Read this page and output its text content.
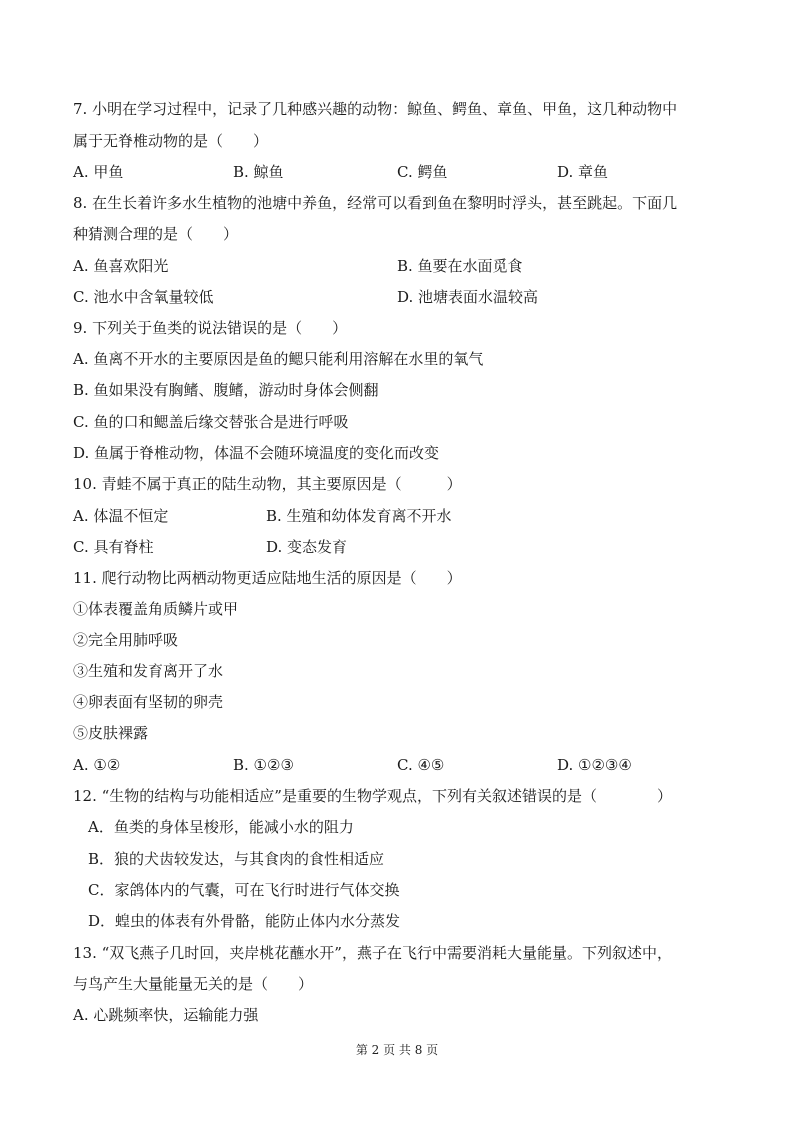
7. 小明在学习过程中，记录了几种感兴趣的动物：鲸鱼、鳄鱼、章鱼、甲鱼，这几种动物中
属于无脊椎动物的是（　　）
A. 甲鱼	B. 鲸鱼	C. 鳄鱼	D. 章鱼
8. 在生长着许多水生植物的池塘中养鱼，经常可以看到鱼在黎明时浮头，甚至跳起。下面几
种猜测合理的是（　　）
A. 鱼喜欢阳光	B. 鱼要在水面觅食
C. 池水中含氧量较低	D. 池塘表面水温较高
9. 下列关于鱼类的说法错误的是（　　）
A. 鱼离不开水的主要原因是鱼的鳃只能利用溶解在水里的氧气
B. 鱼如果没有胸鳍、腹鳍，游动时身体会侧翻
C. 鱼的口和鳃盖后缘交替张合是进行呼吸
D. 鱼属于脊椎动物，体温不会随环境温度的变化而改变
10. 青蛙不属于真正的陆生动物，其主要原因是（　　　）
A. 体温不恒定	B. 生殖和幼体发育离不开水
C. 具有脊柱	D. 变态发育
11. 爬行动物比两栖动物更适应陆地生活的原因是（　　）
①体表覆盖角质鳞片或甲
②完全用肺呼吸
③生殖和发育离开了水
④卵表面有坚韧的卵壳
⑤皮肤裸露
A. ①②	B. ①②③	C. ④⑤	D. ①②③④
12. “生物的结构与功能相适应”是重要的生物学观点，下列有关叙述错误的是（　　　　）
A．鱼类的身体呈梭形，能减小水的阻力
B．狼的犬齿较发达，与其食肉的食性相适应
C．家鸽体内的气囊，可在飞行时进行气体交换
D．蝗虫的体表有外骨骼，能防止体内水分蒸发
13. “双飞燕子几时回，夹岸桃花蘸水开”，燕子在飞行中需要消耗大量能量。下列叙述中，
与鸟产生大量能量无关的是（　　）
A. 心跳频率快，运输能力强
第 2 页 共 8 页
